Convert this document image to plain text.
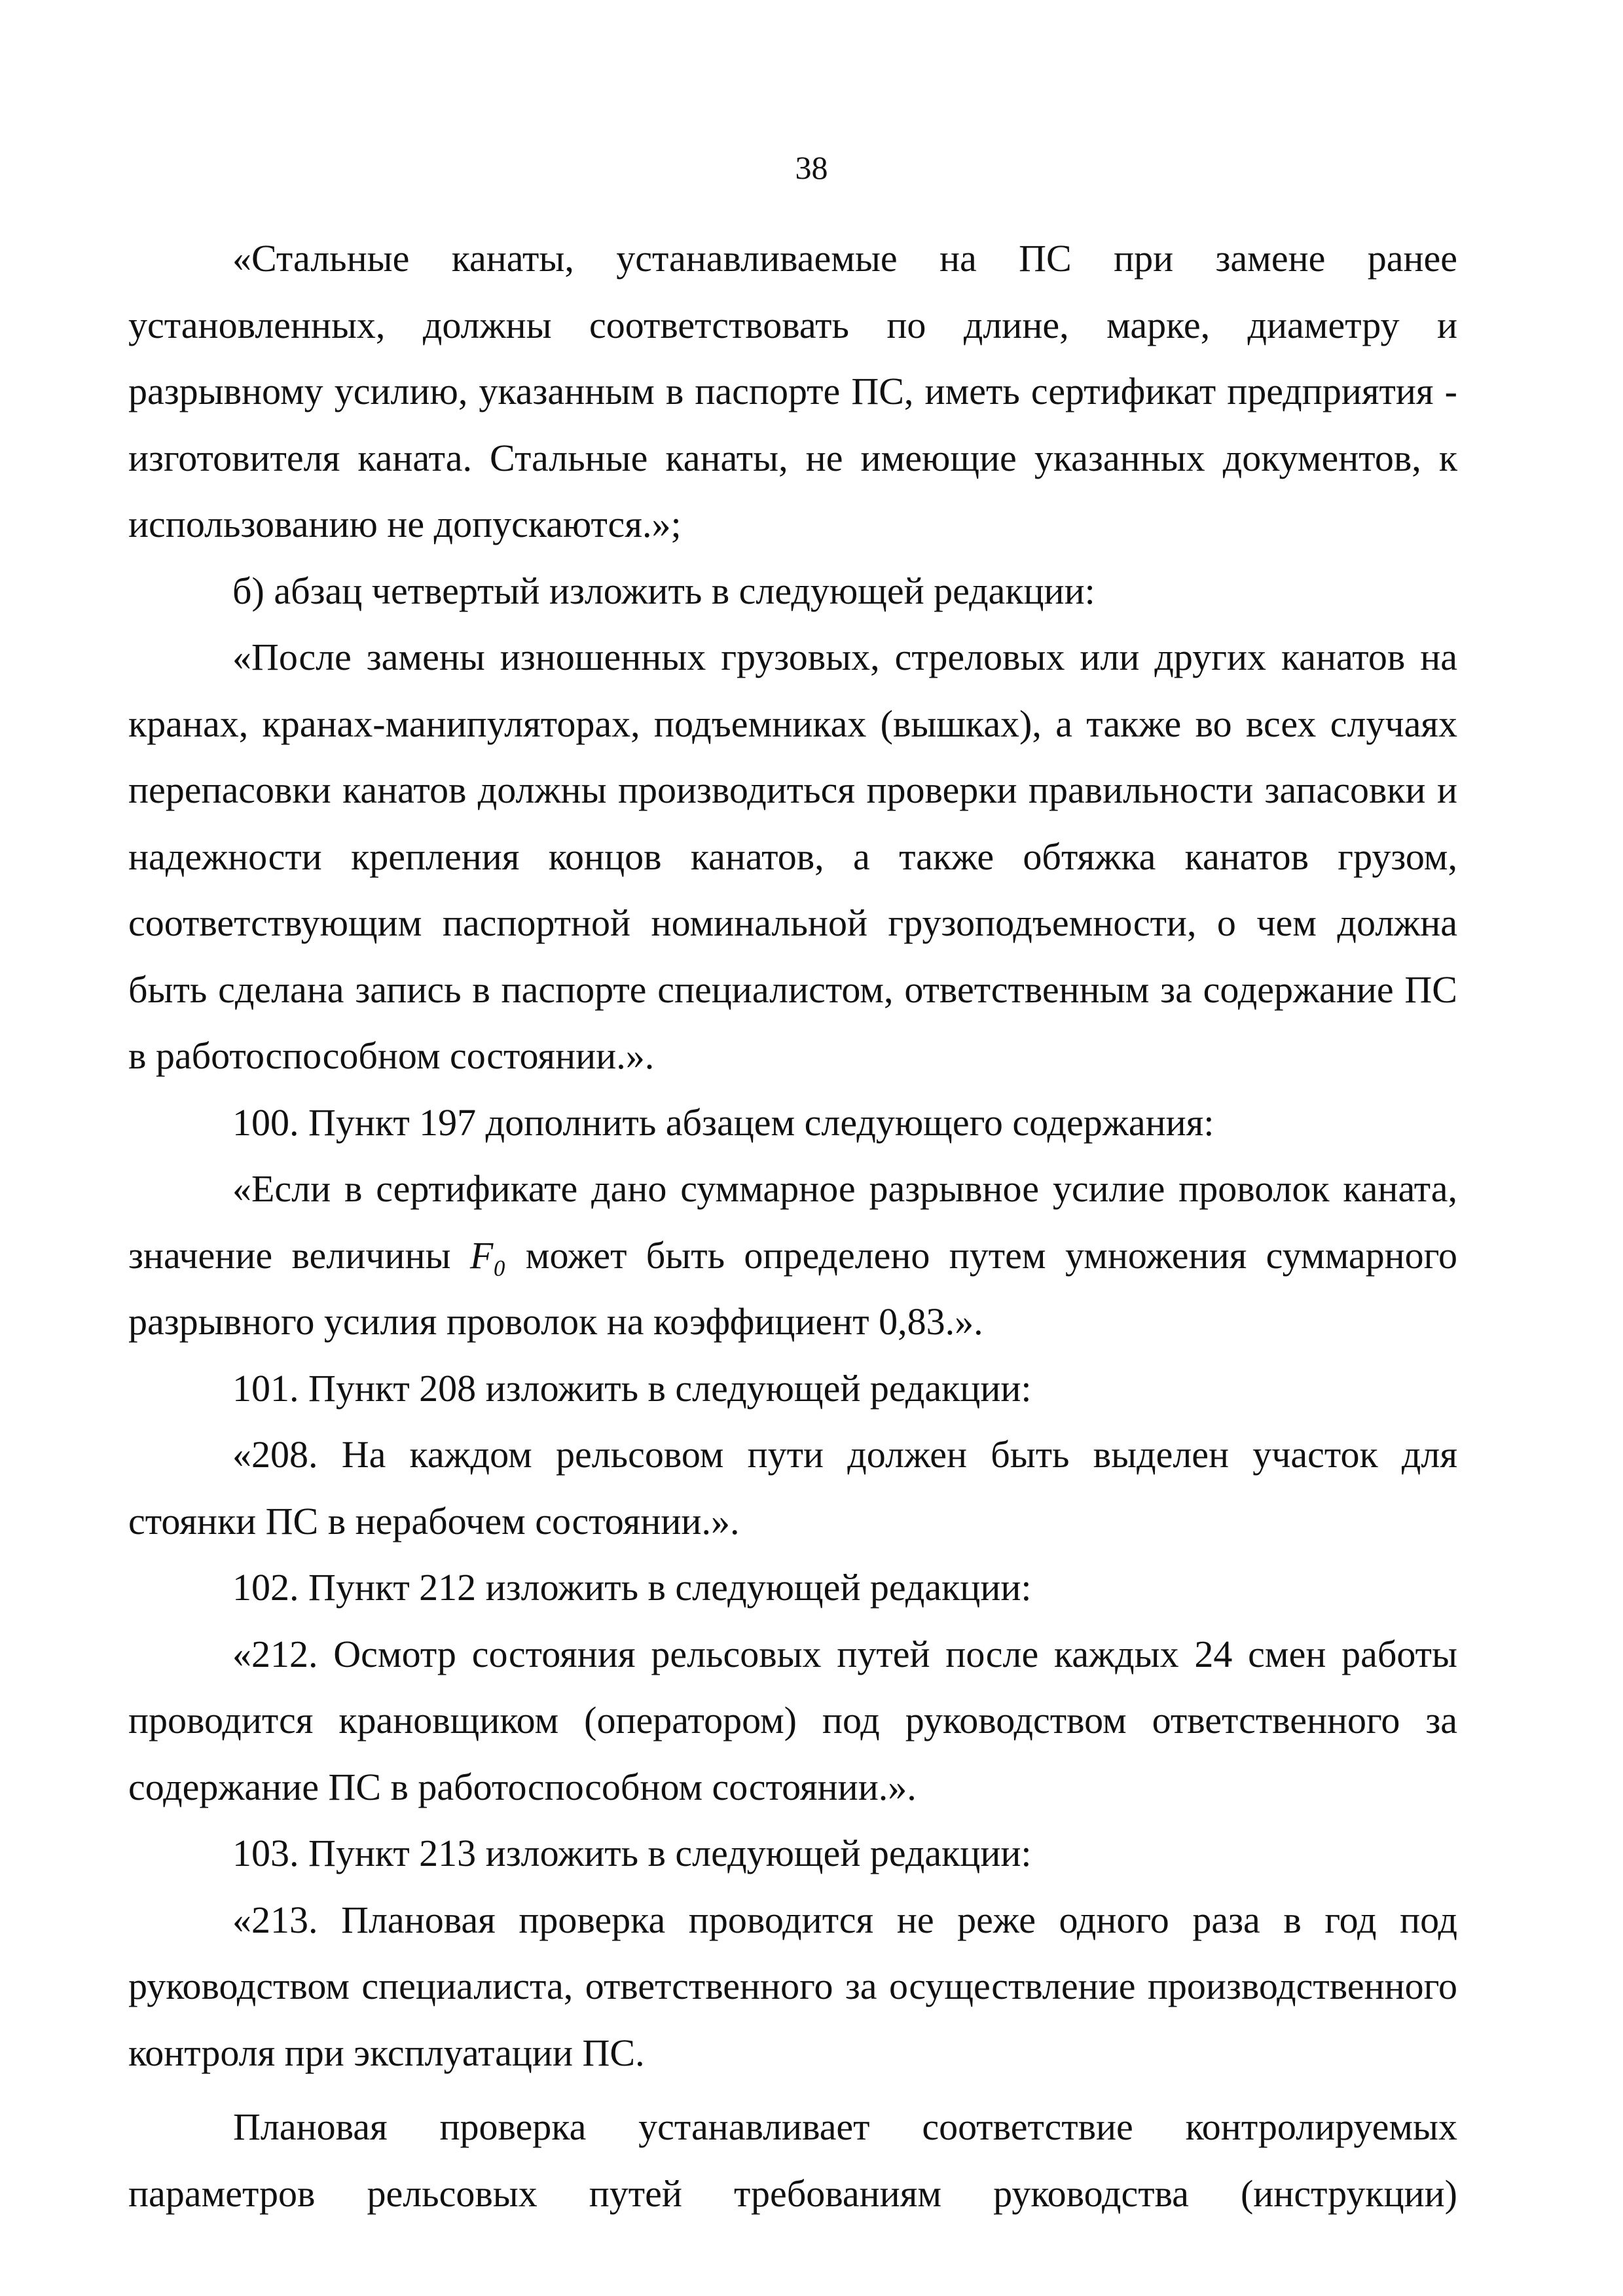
38

«Стальные канаты, устанавливаемые на ПС при замене ранее установленных, должны соответствовать по длине, марке, диаметру и разрывному усилию, указанным в паспорте ПС, иметь сертификат предприятия - изготовителя каната. Стальные канаты, не имеющие указанных документов, к использованию не допускаются.»;

б) абзац четвертый изложить в следующей редакции:

«После замены изношенных грузовых, стреловых или других канатов на кранах, кранах-манипуляторах, подъемниках (вышках), а также во всех случаях перепасовки канатов должны производиться проверки правильности запасовки и надежности крепления концов канатов, а также обтяжка канатов грузом, соответствующим паспортной номинальной грузоподъемности, о чем должна быть сделана запись в паспорте специалистом, ответственным за содержание ПС в работоспособном состоянии.».

100. Пункт 197 дополнить абзацем следующего содержания:

«Если в сертификате дано суммарное разрывное усилие проволок каната, значение величины F₀ может быть определено путем умножения суммарного разрывного усилия проволок на коэффициент 0,83.».

101. Пункт 208 изложить в следующей редакции:

«208. На каждом рельсовом пути должен быть выделен участок для стоянки ПС в нерабочем состоянии.».

102. Пункт 212 изложить в следующей редакции:

«212. Осмотр состояния рельсовых путей после каждых 24 смен работы проводится крановщиком (оператором) под руководством ответственного за содержание ПС в работоспособном состоянии.».

103. Пункт 213 изложить в следующей редакции:

«213. Плановая проверка проводится не реже одного раза в год под руководством специалиста, ответственного за осуществление производственного контроля при эксплуатации ПС.

Плановая проверка устанавливает соответствие контролируемых параметров рельсовых путей требованиям руководства (инструкции)
